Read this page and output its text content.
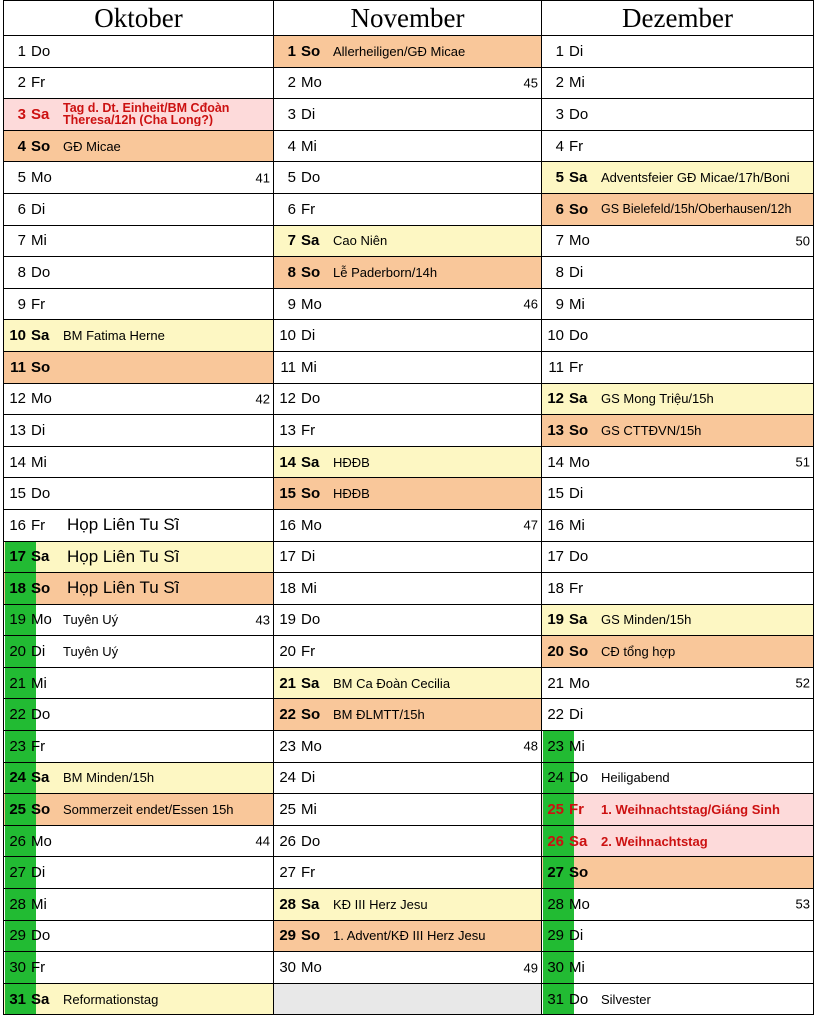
Oktober
1 Do
2 Fr
3 Sa Tag d. Dt. Einheit/BM Cđoàn Theresa/12h (Cha Long?)
4 So GĐ Micae
5 Mo	41
6 Di
7 Mi
8 Do
9 Fr
10 Sa BM Fatima Herne
11 So
12 Mo	42
13 Di
14 Mi
15 Do
16 Fr	Họp Liên Tu Sĩ
17 Sa Họp Liên Tu Sĩ
18 So Họp Liên Tu Sĩ
19 Mo Tuyên Uý	43
20 Di	Tuyên Uý
21 Mi
22 Do
23 Fr
24 Sa BM Minden/15h
25 So Sommerzeit endet/Essen 15h
26 Mo	44
27 Di
28 Mi
29 Do
30 Fr
31 Sa Reformationstag
November
1 So Allerheiligen/GĐ Micae
2 Mo	45
3 Di
4 Mi
5 Do
6 Fr
7 Sa Cao Niên
8 So Lễ Paderborn/14h
9 Mo	46
10 Di
11 Mi
12 Do
13 Fr
14 Sa HĐĐB
15 So HĐĐB
16 Mo	47
17 Di
18 Mi
19 Do
20 Fr
21 Sa BM Ca Đoàn Cecilia
22 So BM ĐLMTT/15h
23 Mo	48
24 Di
25 Mi
26 Do
27 Fr
28 Sa KĐ III Herz Jesu
29 So 1. Advent/KĐ III Herz Jesu
30 Mo	49
Dezember
1 Di
2 Mi
3 Do
4 Fr
5 Sa Adventsfeier GĐ Micae/17h/Boni
6 So GS Bielefeld/15h/Oberhausen/12h
7 Mo	50
8 Di
9 Mi
10 Do
11 Fr
12 Sa GS Mong Triệu/15h
13 So GS CTTĐVN/15h
14 Mo	51
15 Di
16 Mi
17 Do
18 Fr
19 Sa GS Minden/15h
20 So CĐ tổng hợp
21 Mo	52
22 Di
23 Mi
24 Do Heiligabend
25 Fr	1. Weihnachtstag/Giáng Sinh
26 Sa 2. Weihnachtstag
27 So
28 Mo	53
29 Di
30 Mi
31 Do Silvester
